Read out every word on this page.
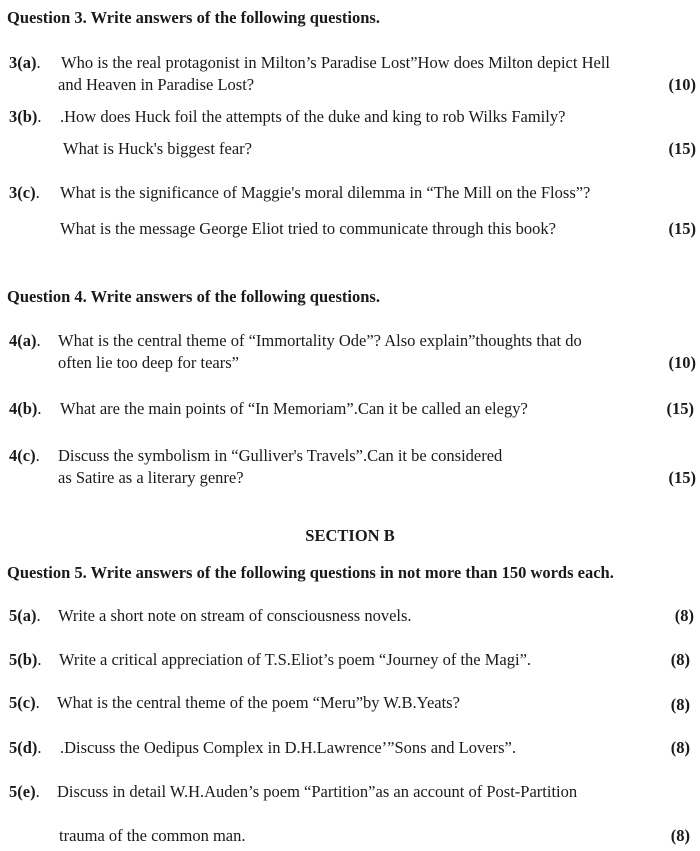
Question 3. Write answers of the following questions.
3(a). Who is the real protagonist in Milton’s Paradise Lost”How does Milton depict Hell
and Heaven in Paradise Lost?	(10)
3(b). .How does Huck foil the attempts of the duke and king to rob Wilks Family?
What is Huck's biggest fear?	(15)
3(c). What is the significance of Maggie's moral dilemma in “The Mill on the Floss”?
What is the message George Eliot tried to communicate through this book?	(15)
Question 4. Write answers of the following questions.
4(a). What is the central theme of “Immortality Ode”? Also explain”thoughts that do
often lie too deep for tears”	(10)
4(b). What are the main points of “In Memoriam”.Can it be called an elegy?	(15)
4(c). Discuss the symbolism in “Gulliver's Travels”.Can it be considered
as Satire as a literary genre?	(15)
SECTION B
Question 5. Write answers of the following questions in not more than 150 words each.
5(a). Write a short note on stream of consciousness novels.	(8)
5(b). Write a critical appreciation of T.S.Eliot’s poem “Journey of the Magi”.	(8)
5(c). What is the central theme of the poem “Meru”by W.B.Yeats?	(8)
5(d). .Discuss the Oedipus Complex in D.H.Lawrence’”Sons and Lovers”.	(8)
5(e). Discuss in detail W.H.Auden’s poem “Partition”as an account of Post-Partition
trauma of the common man.	(8)
